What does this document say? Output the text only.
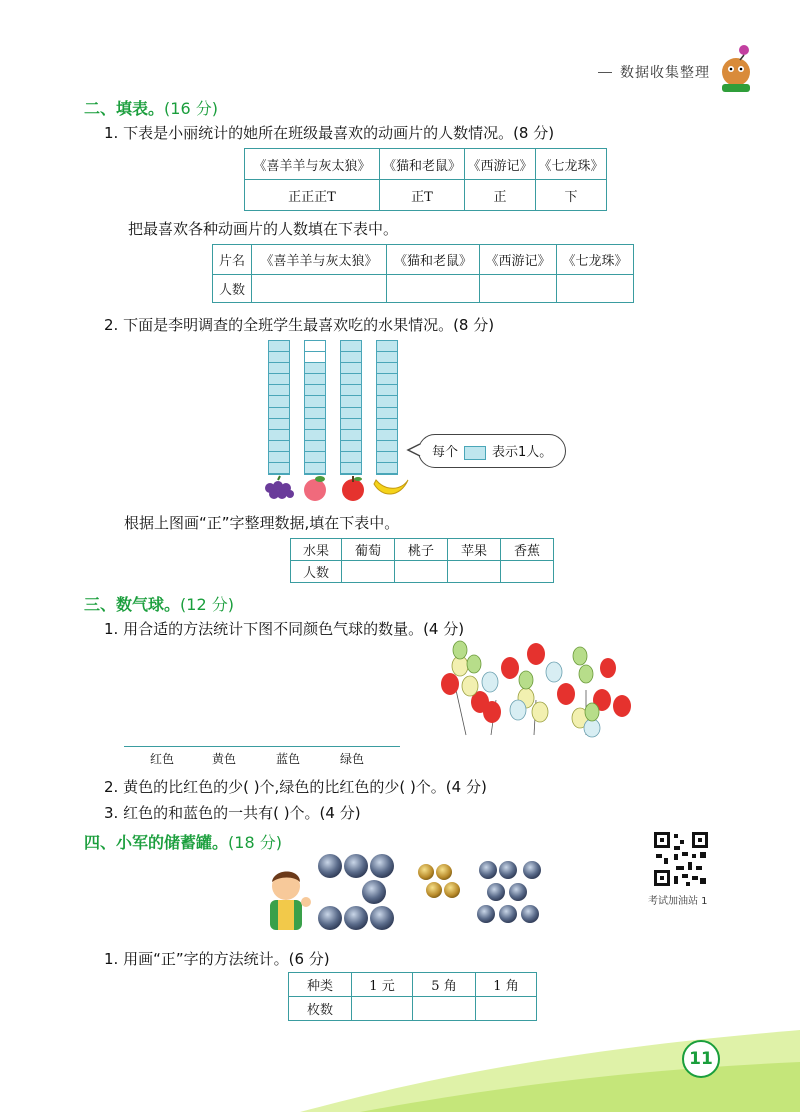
数据收集整理
二、填表。(16 分)
1. 下表是小丽统计的她所在班级最喜欢的动画片的人数情况。(8 分)
《喜羊羊与灰太狼》	《猫和老鼠》	《西游记》	《七龙珠》
正正正T	正T	正	下
把最喜欢各种动画片的人数填在下表中。
片名	《喜羊羊与灰太狼》	《猫和老鼠》	《西游记》	《七龙珠》
人数				
2. 下面是李明调查的全班学生最喜欢吃的水果情况。(8 分)
每个	表示1人。
根据上图画“正”字整理数据,填在下表中。
水果	葡萄	桃子	苹果	香蕉
人数				
三、数气球。(12 分)
1. 用合适的方法统计下图不同颜色气球的数量。(4 分)
红色	黄色	蓝色	绿色
2. 黄色的比红色的少( )个,绿色的比红色的少( )个。(4 分)
3. 红色的和蓝色的一共有( )个。(4 分)
四、小军的储蓄罐。(18 分)
考试加油站 1
1. 用画“正”字的方法统计。(6 分)
种类	1 元	5 角	1 角
枚数			
11
